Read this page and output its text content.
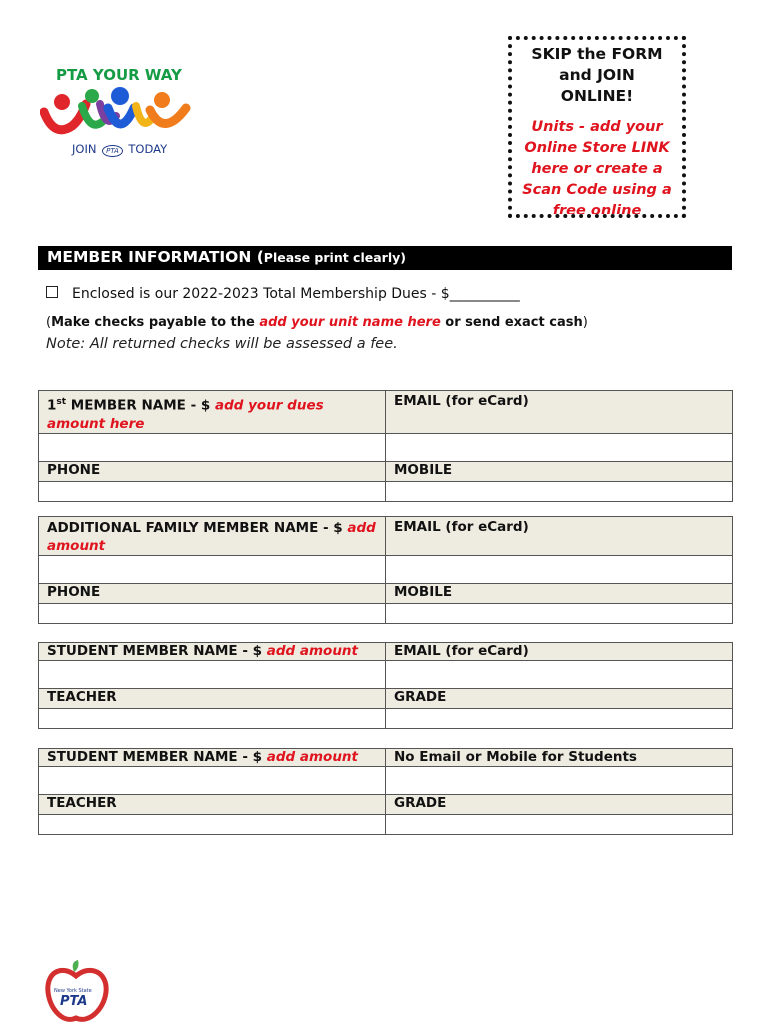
PTA YOUR WAY
JOIN PTA TODAY
SKIP the FORM
and JOIN
ONLINE!
Units - add your
Online Store LINK
here or create a
Scan Code using a
free online
MEMBER INFORMATION (Please print clearly)
Enclosed is our 2022-2023 Total Membership Dues - $__________
(Make checks payable to the add your unit name here or send exact cash)
Note: All returned checks will be assessed a fee.
1st MEMBER NAME - $ add your dues amount here	EMAIL (for eCard)

PHONE	MOBILE

ADDITIONAL FAMILY MEMBER NAME - $ add amount	EMAIL (for eCard)

PHONE	MOBILE

STUDENT MEMBER NAME - $ add amount	EMAIL (for eCard)

TEACHER	GRADE

STUDENT MEMBER NAME - $ add amount	No Email or Mobile for Students

TEACHER	GRADE

New York State
PTA
